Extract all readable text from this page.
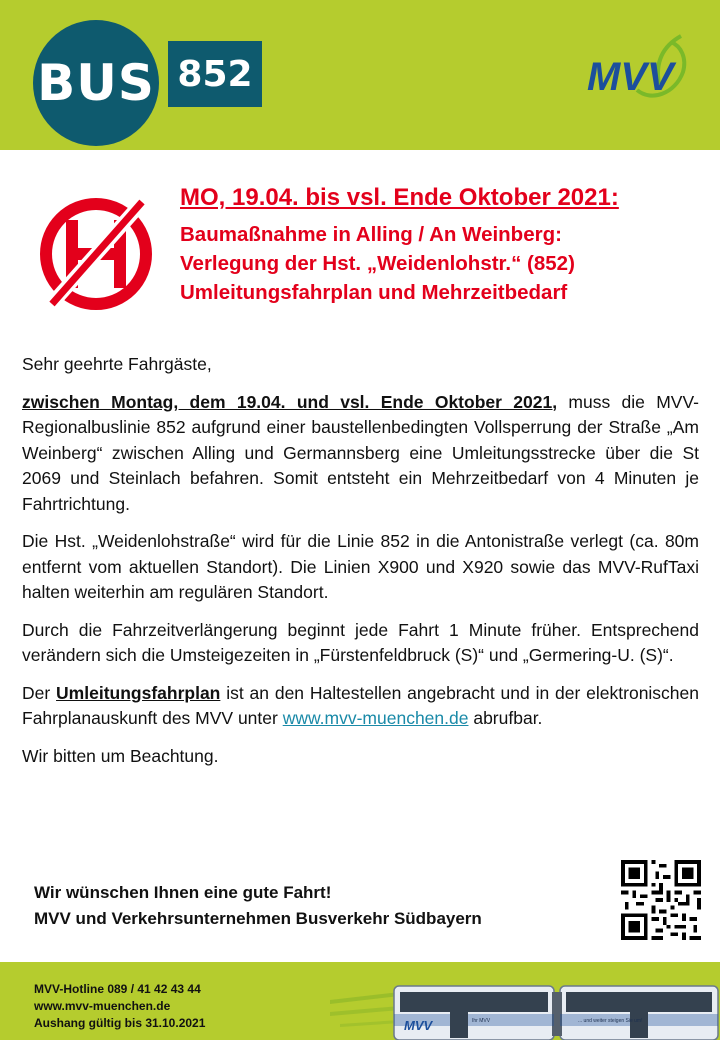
BUS 852	MVV
MO, 19.04. bis vsl. Ende Oktober 2021:
Baumaßnahme in Alling / An Weinberg:
Verlegung der Hst. „Weidenlohstr.“ (852)
Umleitungsfahrplan und Mehrzeitbedarf

Sehr geehrte Fahrgäste,

zwischen Montag, dem 19.04. und vsl. Ende Oktober 2021, muss die MVV-Regionalbuslinie 852 aufgrund einer baustellenbedingten Vollsperrung der Straße „Am Weinberg“ zwischen Alling und Germannsberg eine Umleitungsstrecke über die St 2069 und Steinlach befahren. Somit entsteht ein Mehrzeitbedarf von 4 Minuten je Fahrtrichtung.

Die Hst. „Weidenlohstraße“ wird für die Linie 852 in die Antonistraße verlegt (ca. 80m entfernt vom aktuellen Standort). Die Linien X900 und X920 sowie das MVV-RufTaxi halten weiterhin am regulären Standort.

Durch die Fahrzeitverlängerung beginnt jede Fahrt 1 Minute früher. Entsprechend verändern sich die Umsteigezeiten in „Fürstenfeldbruck (S)“ und „Germering-U. (S)“.

Der Umleitungsfahrplan ist an den Haltestellen angebracht und in der elektronischen Fahrplanauskunft des MVV unter www.mvv-muenchen.de abrufbar.

Wir bitten um Beachtung.

Wir wünschen Ihnen eine gute Fahrt!
MVV und Verkehrsunternehmen Busverkehr Südbayern
MVV-Hotline 089 / 41 42 43 44
www.mvv-muenchen.de
Aushang gültig bis 31.10.2021	MVV	Ihr MVV	... und weiter steigen Sie um!
